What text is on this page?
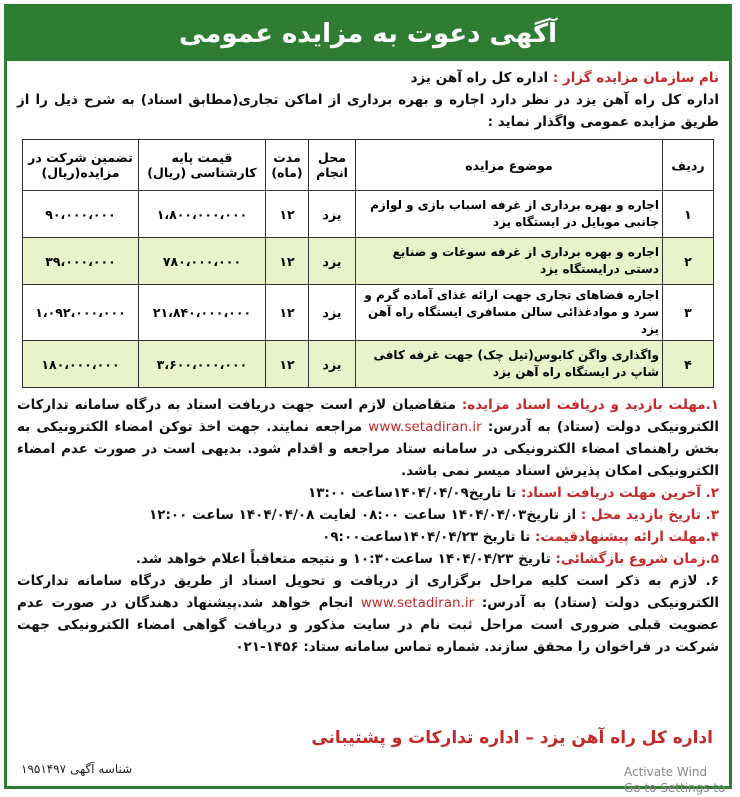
آگهی دعوت به مزایده عمومی
نام سازمان مزایده گزار : اداره کل راه آهن یزد
اداره کل راه آهن یزد در نظر دارد اجاره و بهره برداری از اماکن تجاری(مطابق اسناد) به شرح ذیل را از طریق مزایده عمومی واگذار نماید :
ردیف	موضوع مزایده	محل انجام	مدت (ماه)	قیمت پایه کارشناسی (ریال)	تضمین شرکت در مزایده(ریال)
۱	اجاره و بهره برداری از غرفه اسباب بازی و لوازم جانبی موبایل در ایستگاه یزد	یزد	۱۲	۱،۸۰۰،۰۰۰،۰۰۰	۹۰،۰۰۰،۰۰۰
۲	اجاره و بهره برداری از غرفه سوغات و صنایع دستی درایستگاه یزد	یزد	۱۲	۷۸۰،۰۰۰،۰۰۰	۳۹،۰۰۰،۰۰۰
۳	اجاره فضاهای تجاری جهت ارائه غذای آماده گرم و سرد و موادغذائی سالن مسافری ایستگاه راه آهن یزد	یزد	۱۲	۲۱،۸۴۰،۰۰۰،۰۰۰	۱،۰۹۲،۰۰۰،۰۰۰
۴	واگذاری واگن کابوس(تیل چک) جهت غرفه کافی شاپ در ایستگاه راه آهن یزد	یزد	۱۲	۳،۶۰۰،۰۰۰،۰۰۰	۱۸۰،۰۰۰،۰۰۰
۱.مهلت بازدید و دریافت اسناد مزایده: متقاضیان لازم است جهت دریافت اسناد به درگاه سامانه تدارکات الکترونیکی دولت (ستاد) به آدرس: www.setadiran.ir مراجعه نمایند. جهت اخذ توکن امضاء الکترونیکی به بخش راهنمای امضاء الکترونیکی در سامانه ستاد مراجعه و اقدام شود. بدیهی است در صورت عدم امضاء الکترونیکی امکان پذیرش اسناد میسر نمی باشد.
۲. آخرین مهلت دریافت اسناد: تا تاریخ۱۴۰۴/۰۴/۰۹ساعت ۱۳:۰۰
۳. تاریخ بازدید محل : از تاریخ۱۴۰۴/۰۴/۰۳ ساعت ۰۸:۰۰ لغایت ۱۴۰۴/۰۴/۰۸ ساعت ۱۲:۰۰
۴.مهلت ارائه پیشنهادقیمت: تا تاریخ ۱۴۰۴/۰۴/۲۳ساعت۰۹:۰۰
۵.زمان شروع بازگشائی: تاریخ ۱۴۰۴/۰۴/۲۳ ساعت۱۰:۳۰ و نتیجه متعاقباً اعلام خواهد شد.
۶. لازم به ذکر است کلیه مراحل برگزاری از دریافت و تحویل اسناد از طریق درگاه سامانه تدارکات الکترونیکی دولت (ستاد) به آدرس: www.setadiran.ir انجام خواهد شد.پیشنهاد دهندگان در صورت عدم عضویت قبلی ضروری است مراحل ثبت نام در سایت مذکور و دریافت گواهی امضاء الکترونیکی جهت شرکت در فراخوان را محقق سازند. شماره تماس سامانه ستاد: ۱۴۵۶-۰۲۱
اداره کل راه آهن یزد – اداره تدارکات و پشتیبانی
شناسه آگهی ۱۹۵۱۴۹۷	Activate Wind
Go to Settings to
